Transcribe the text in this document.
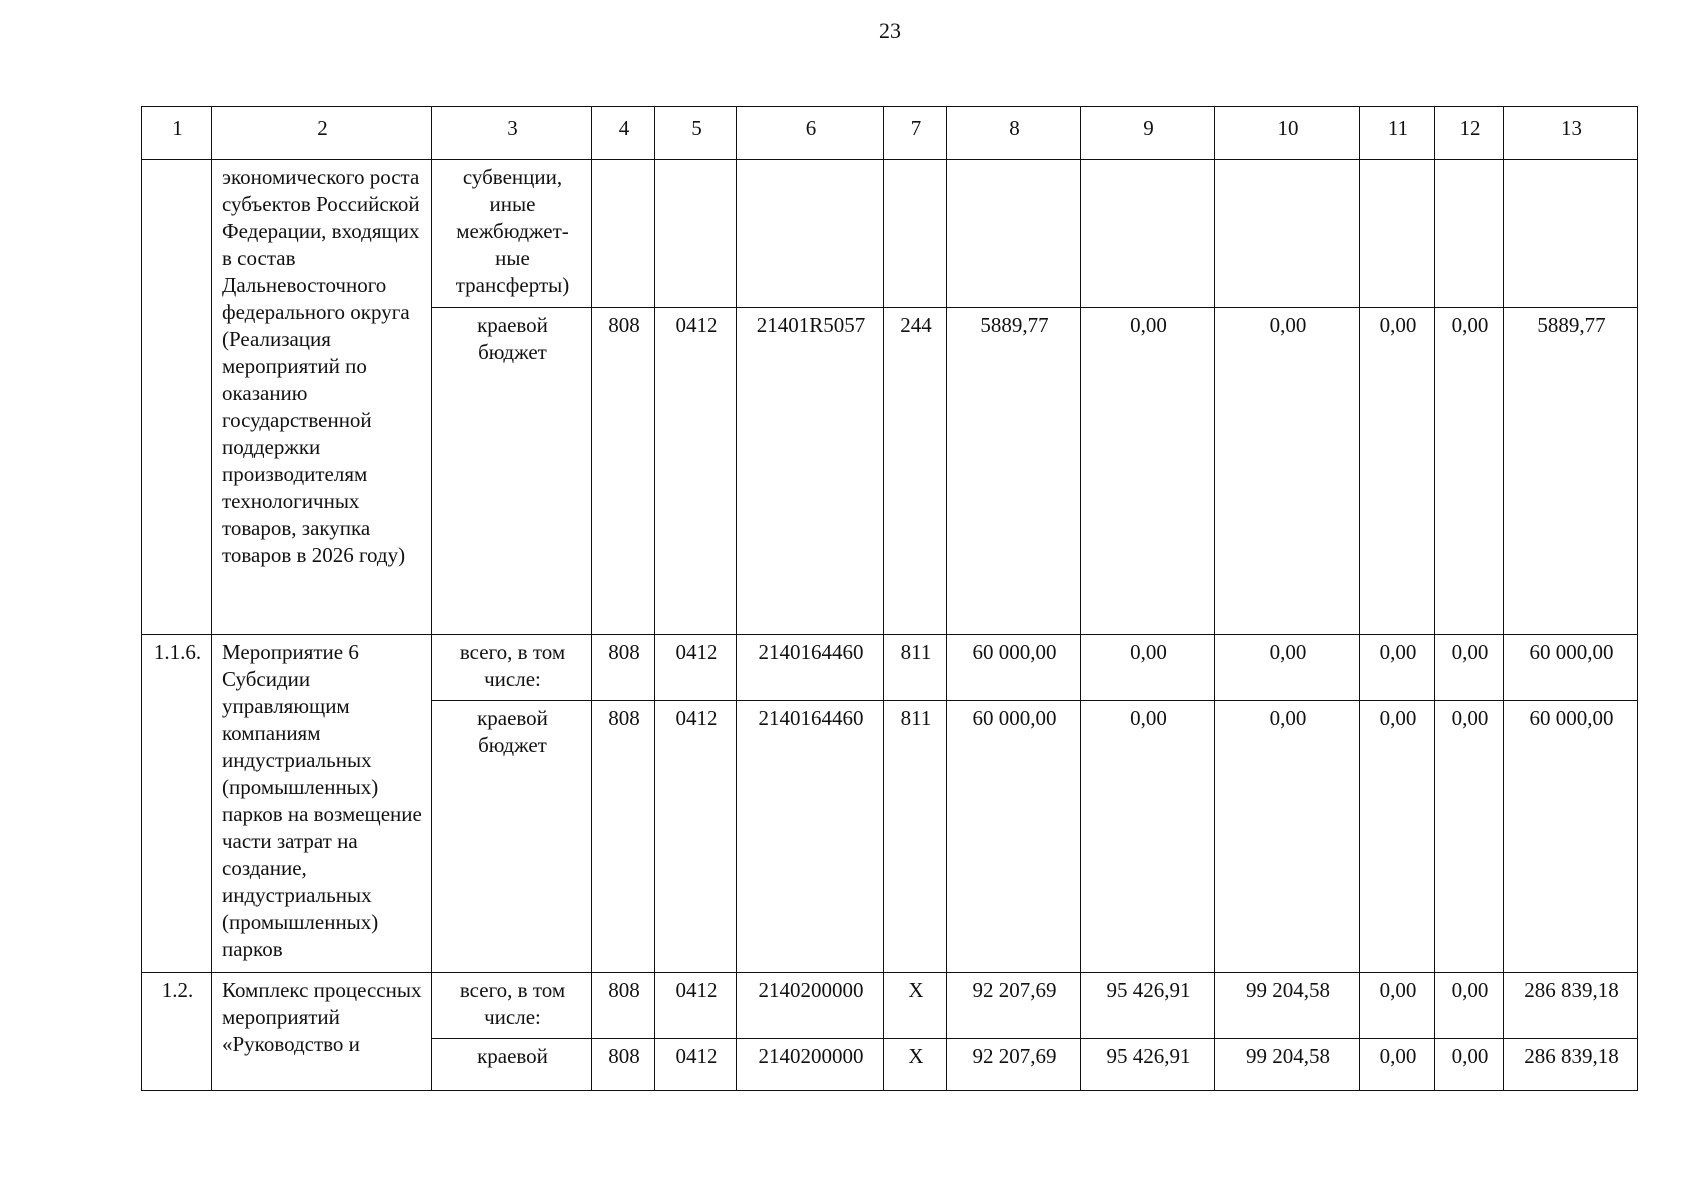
23
1	2	3	4	5	6	7	8	9	10	11	12	13
	экономического роста субъектов Российской Федерации, входящих в состав Дальневосточного федерального округа (Реализация мероприятий по оказанию государственной поддержки производителям технологичных товаров, закупка товаров в 2026 году)	субвенции, иные межбюджет-ные трансферты)										
		краевой бюджет	808	0412	21401R5057	244	5889,77	0,00	0,00	0,00	0,00	5889,77
1.1.6.	Мероприятие 6 Субсидии управляющим компаниям индустриальных (промышленных) парков на возмещение части затрат на создание, индустриальных (промышленных) парков	всего, в том числе:	808	0412	2140164460	811	60 000,00	0,00	0,00	0,00	0,00	60 000,00
		краевой бюджет	808	0412	2140164460	811	60 000,00	0,00	0,00	0,00	0,00	60 000,00
1.2.	Комплекс процессных мероприятий «Руководство и	всего, в том числе:	808	0412	2140200000	Х	92 207,69	95 426,91	99 204,58	0,00	0,00	286 839,18
		краевой	808	0412	2140200000	Х	92 207,69	95 426,91	99 204,58	0,00	0,00	286 839,18
